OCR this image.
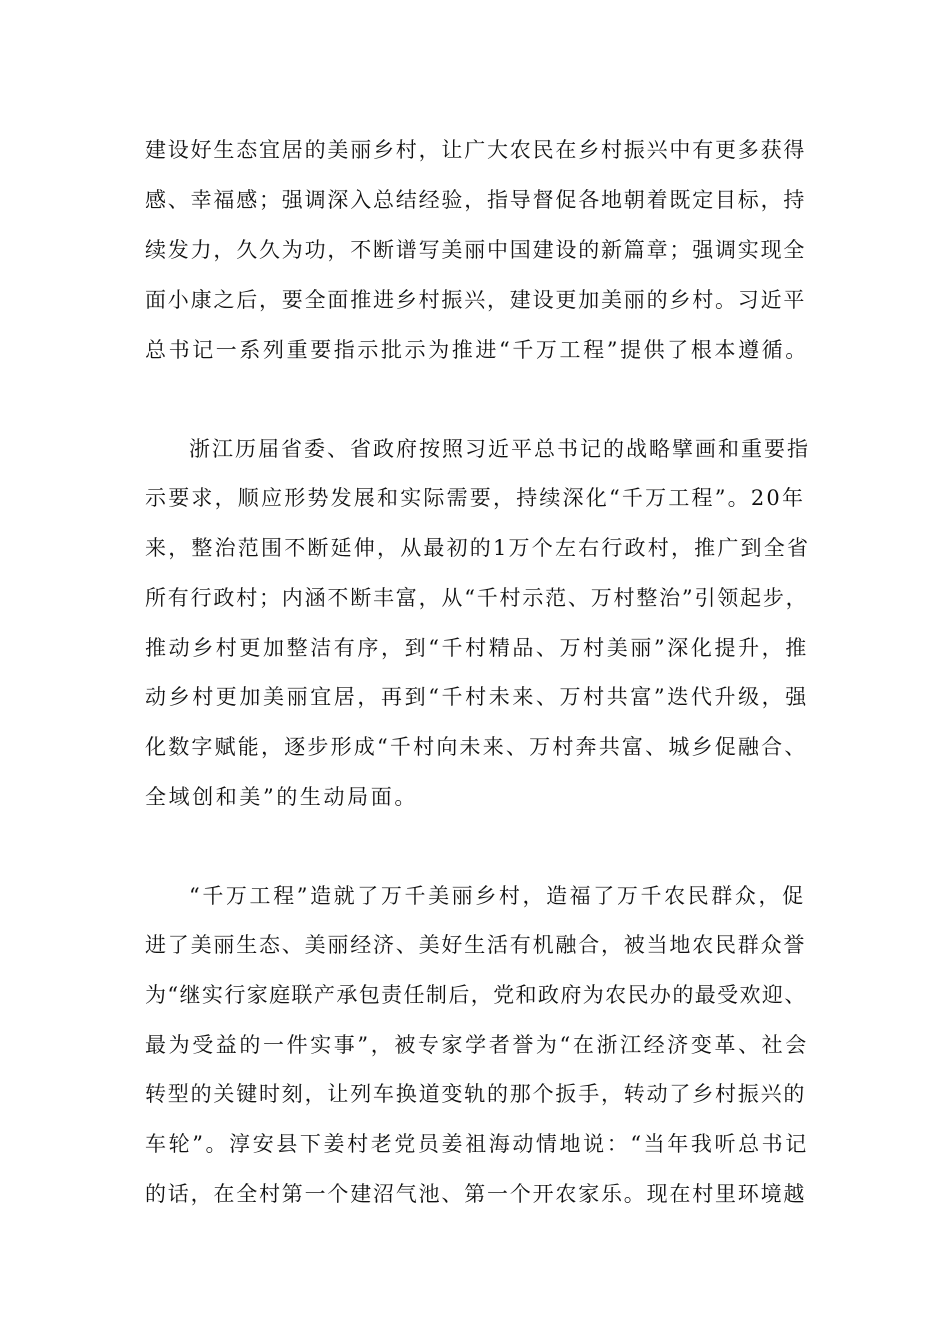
建设好生态宜居的美丽乡村，让广大农民在乡村振兴中有更多获得
感、幸福感；强调深入总结经验，指导督促各地朝着既定目标，持
续发力，久久为功，不断谱写美丽中国建设的新篇章；强调实现全
面小康之后，要全面推进乡村振兴，建设更加美丽的乡村。习近平
总书记一系列重要指示批示为推进“千万工程”提供了根本遵循。
浙江历届省委、省政府按照习近平总书记的战略擘画和重要指
示要求，顺应形势发展和实际需要，持续深化“千万工程”。20年
来，整治范围不断延伸，从最初的1万个左右行政村，推广到全省
所有行政村；内涵不断丰富，从“千村示范、万村整治”引领起步，
推动乡村更加整洁有序，到“千村精品、万村美丽”深化提升，推
动乡村更加美丽宜居，再到“千村未来、万村共富”迭代升级，强
化数字赋能，逐步形成“千村向未来、万村奔共富、城乡促融合、
全域创和美”的生动局面。
“千万工程”造就了万千美丽乡村，造福了万千农民群众，促
进了美丽生态、美丽经济、美好生活有机融合，被当地农民群众誉
为“继实行家庭联产承包责任制后，党和政府为农民办的最受欢迎、
最为受益的一件实事”，被专家学者誉为“在浙江经济变革、社会
转型的关键时刻，让列车换道变轨的那个扳手，转动了乡村振兴的
车轮”。淳安县下姜村老党员姜祖海动情地说：“当年我听总书记
的话，在全村第一个建沼气池、第一个开农家乐。现在村里环境越
